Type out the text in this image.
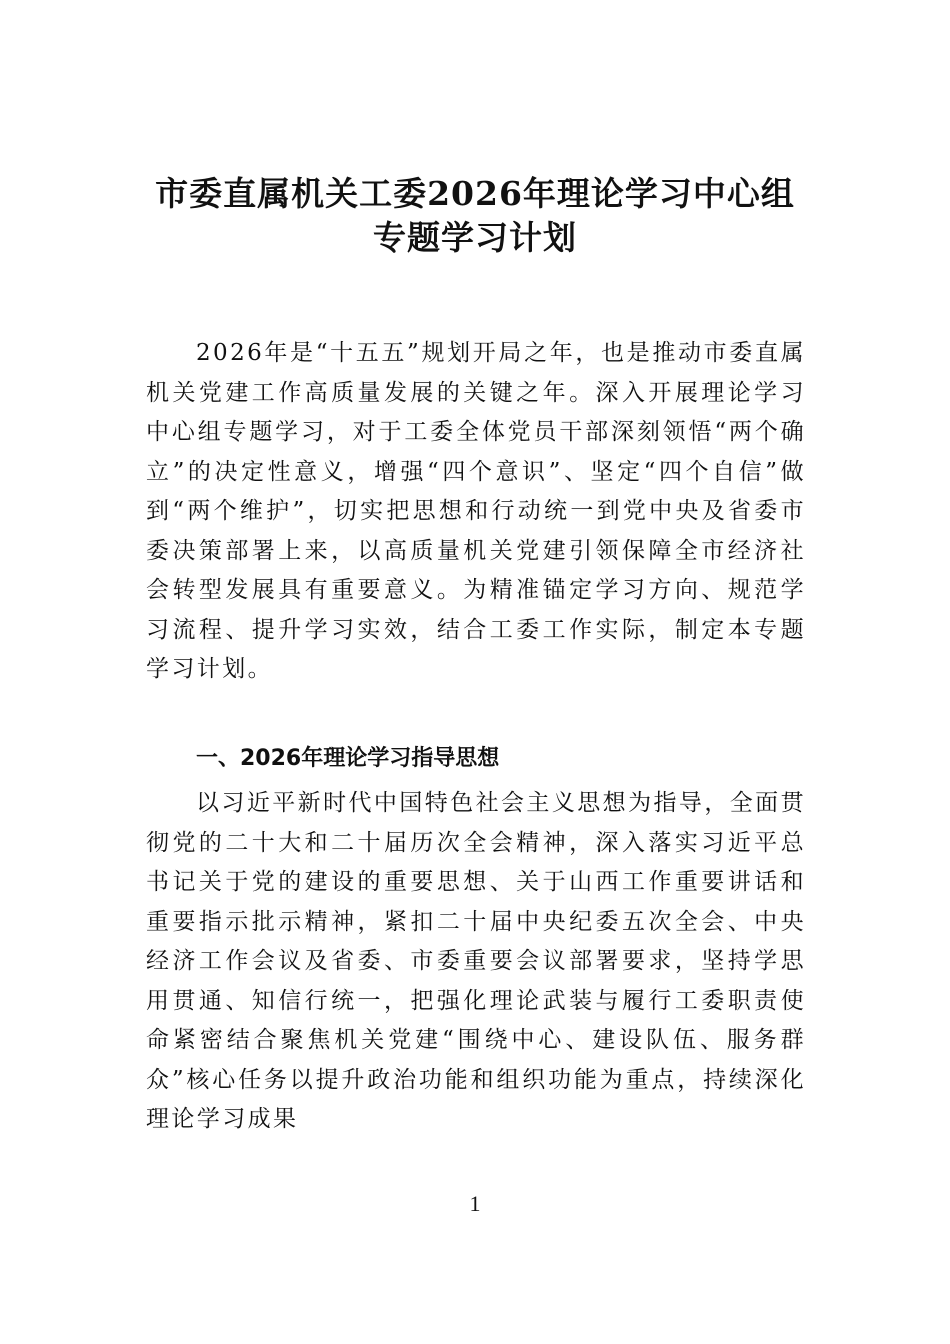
市委直属机关工委2026年理论学习中心组
专题学习计划

2026年是“十五五”规划开局之年，也是推动市委直属机关党建工作高质量发展的关键之年。深入开展理论学习中心组专题学习，对于工委全体党员干部深刻领悟“两个确立”的决定性意义，增强“四个意识”、坚定“四个自信”做到“两个维护”，切实把思想和行动统一到党中央及省委市委决策部署上来，以高质量机关党建引领保障全市经济社会转型发展具有重要意义。为精准锚定学习方向、规范学习流程、提升学习实效，结合工委工作实际，制定本专题学习计划。

一、2026年理论学习指导思想

以习近平新时代中国特色社会主义思想为指导，全面贯彻党的二十大和二十届历次全会精神，深入落实习近平总书记关于党的建设的重要思想、关于山西工作重要讲话和重要指示批示精神，紧扣二十届中央纪委五次全会、中央经济工作会议及省委、市委重要会议部署要求，坚持学思用贯通、知信行统一，把强化理论武装与履行工委职责使命紧密结合聚焦机关党建“围绕中心、建设队伍、服务群众”核心任务以提升政治功能和组织功能为重点，持续深化理论学习成果

1
